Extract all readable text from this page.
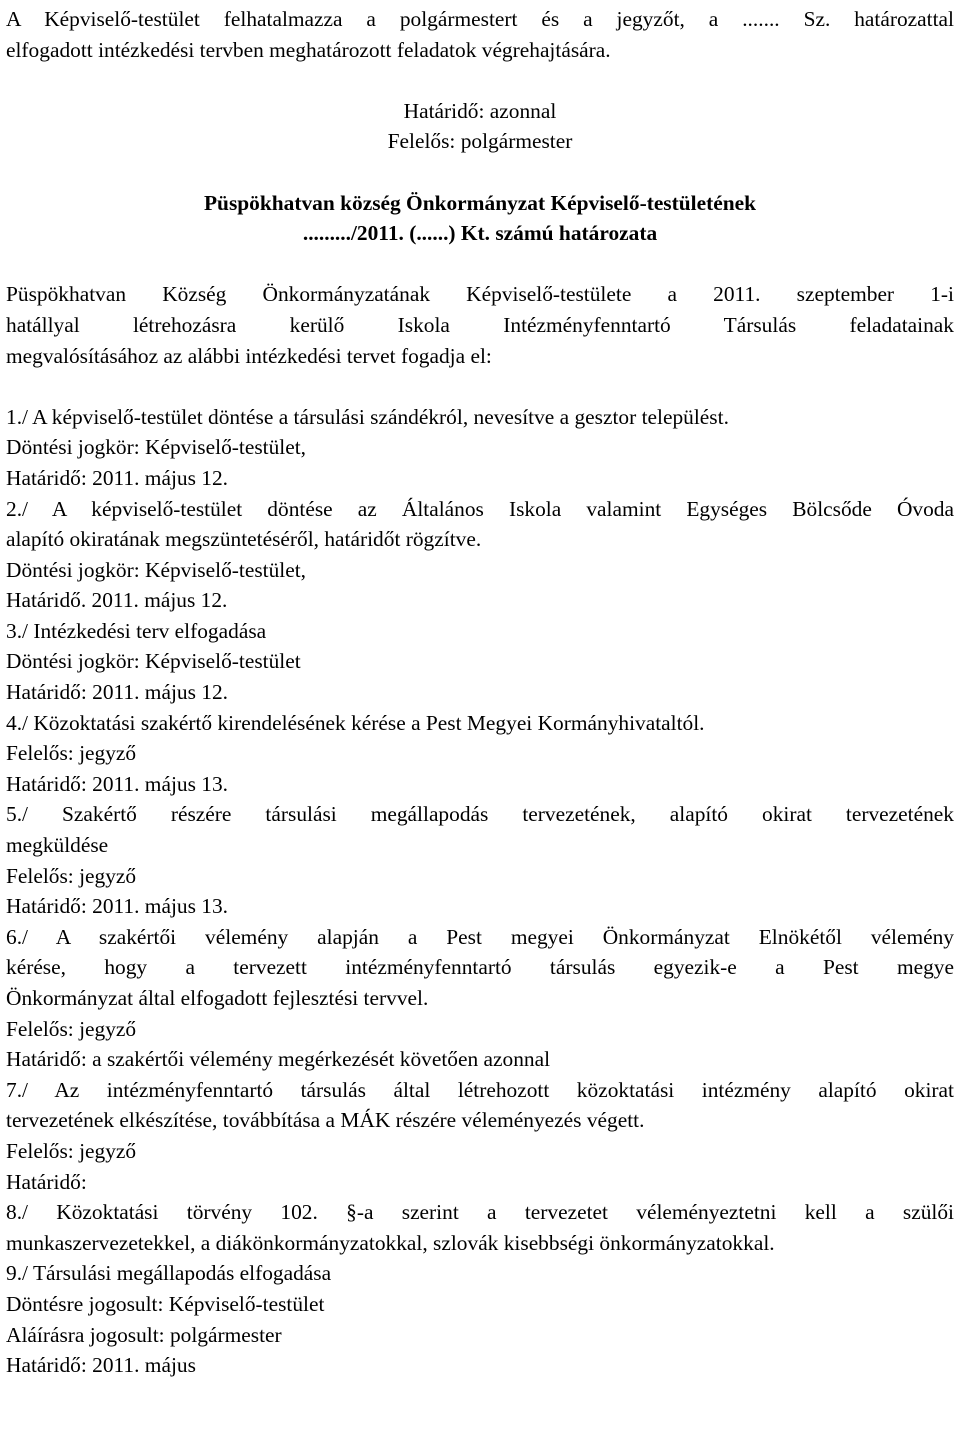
A Képviselő-testület felhatalmazza a polgármestert és a jegyzőt, a ....... Sz. határozattal
elfogadott intézkedési tervben meghatározott feladatok végrehajtására.
Határidő: azonnal
Felelős: polgármester
Püspökhatvan község Önkormányzat Képviselő-testületének
........./2011. (......) Kt. számú határozata
Püspökhatvan Község Önkormányzatának Képviselő-testülete a 2011. szeptember 1-i
hatállyal létrehozásra kerülő Iskola Intézményfenntartó Társulás feladatainak
megvalósításához az alábbi intézkedési tervet fogadja el:
1./ A képviselő-testület döntése a társulási szándékról, nevesítve a gesztor települést.
Döntési jogkör: Képviselő-testület,
Határidő: 2011. május 12.
2./ A képviselő-testület döntése az Általános Iskola valamint Egységes Bölcsőde Óvoda
alapító okiratának megszüntetéséről, határidőt rögzítve.
Döntési jogkör: Képviselő-testület,
Határidő. 2011. május 12.
3./ Intézkedési terv elfogadása
Döntési jogkör: Képviselő-testület
Határidő: 2011. május 12.
4./ Közoktatási szakértő kirendelésének kérése a Pest Megyei Kormányhivataltól.
Felelős: jegyző
Határidő: 2011. május 13.
5./ Szakértő részére társulási megállapodás tervezetének, alapító okirat tervezetének
megküldése
Felelős: jegyző
Határidő: 2011. május 13.
6./ A szakértői vélemény alapján a Pest megyei Önkormányzat Elnökétől vélemény
kérése, hogy a tervezett intézményfenntartó társulás egyezik-e a Pest megye
Önkormányzat által elfogadott fejlesztési tervvel.
Felelős: jegyző
Határidő: a szakértői vélemény megérkezését követően azonnal
7./ Az intézményfenntartó társulás által létrehozott közoktatási intézmény alapító okirat
tervezetének elkészítése, továbbítása a MÁK részére véleményezés végett.
Felelős: jegyző
Határidő:
8./ Közoktatási törvény 102. §-a szerint a tervezetet véleményeztetni kell a szülői
munkaszervezetekkel, a diákönkormányzatokkal, szlovák kisebbségi önkormányzatokkal.
9./ Társulási megállapodás elfogadása
Döntésre jogosult: Képviselő-testület
Aláírásra jogosult: polgármester
Határidő: 2011. május
